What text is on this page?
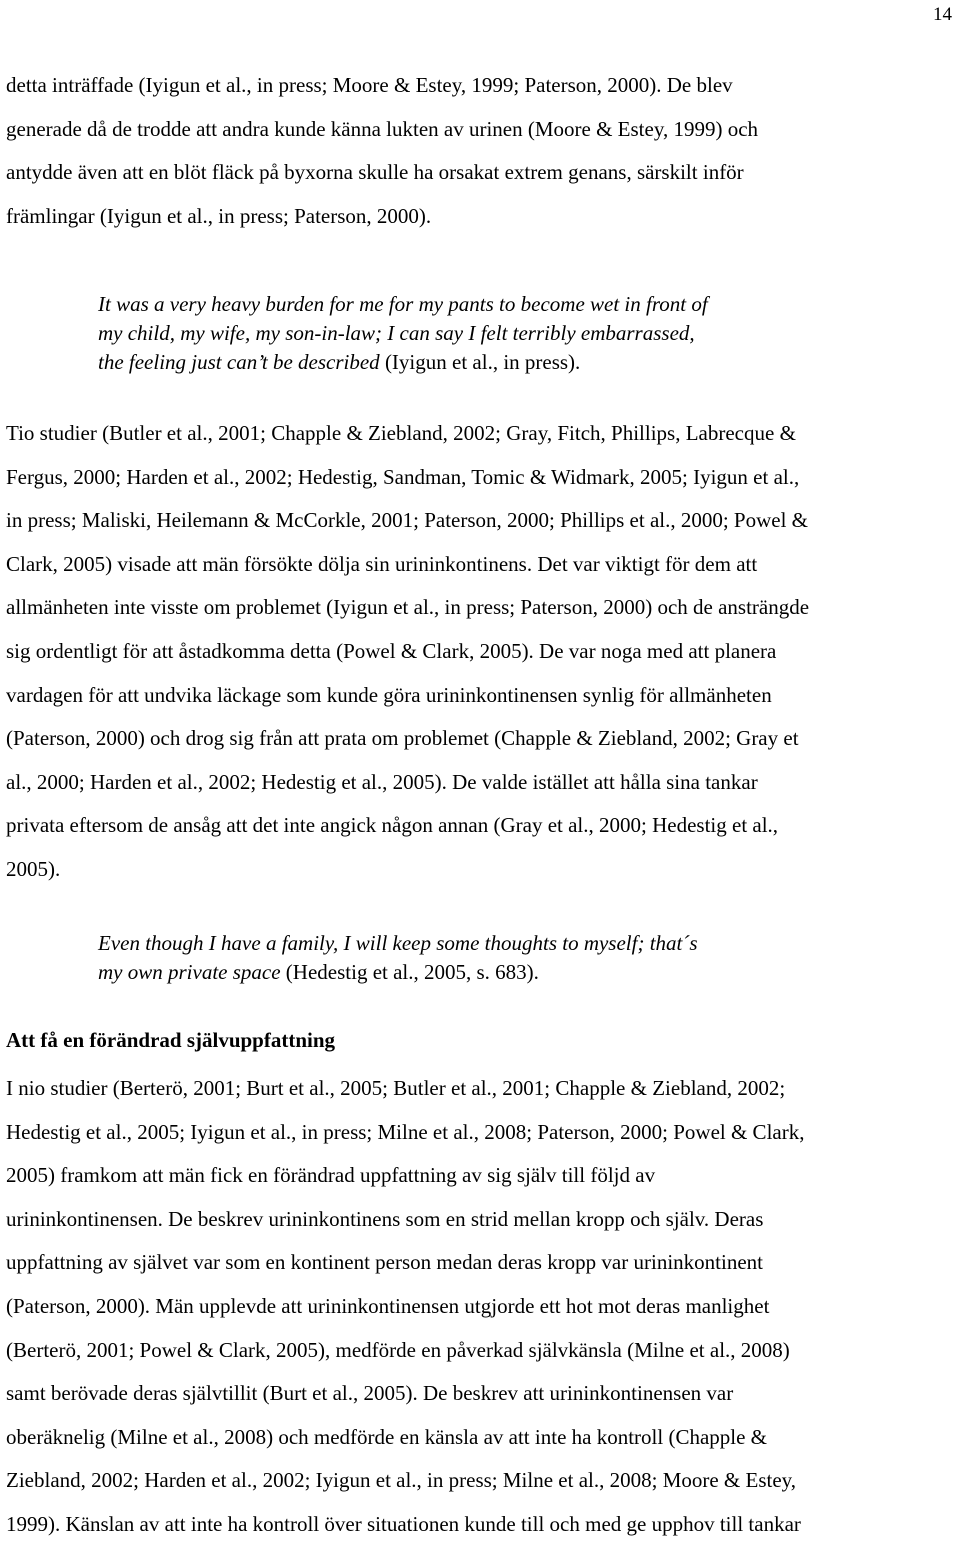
14

detta inträffade (Iyigun et al., in press; Moore & Estey, 1999; Paterson, 2000). De blev
generade då de trodde att andra kunde känna lukten av urinen (Moore & Estey, 1999) och
antydde även att en blöt fläck på byxorna skulle ha orsakat extrem genans, särskilt inför
främlingar (Iyigun et al., in press; Paterson, 2000).

It was a very heavy burden for me for my pants to become wet in front of
my child, my wife, my son-in-law; I can say I felt terribly embarrassed,
the feeling just can’t be described (Iyigun et al., in press).

Tio studier (Butler et al., 2001; Chapple & Ziebland, 2002; Gray, Fitch, Phillips, Labrecque &
Fergus, 2000; Harden et al., 2002; Hedestig, Sandman, Tomic & Widmark, 2005; Iyigun et al.,
in press; Maliski, Heilemann & McCorkle, 2001; Paterson, 2000; Phillips et al., 2000; Powel &
Clark, 2005) visade att män försökte dölja sin urininkontinens. Det var viktigt för dem att
allmänheten inte visste om problemet (Iyigun et al., in press; Paterson, 2000) och de ansträngde
sig ordentligt för att åstadkomma detta (Powel & Clark, 2005). De var noga med att planera
vardagen för att undvika läckage som kunde göra urininkontinensen synlig för allmänheten
(Paterson, 2000) och drog sig från att prata om problemet (Chapple & Ziebland, 2002; Gray et
al., 2000; Harden et al., 2002; Hedestig et al., 2005). De valde istället att hålla sina tankar
privata eftersom de ansåg att det inte angick någon annan (Gray et al., 2000; Hedestig et al.,
2005).

Even though I have a family, I will keep some thoughts to myself; that´s
my own private space (Hedestig et al., 2005, s. 683).

Att få en förändrad självuppfattning

I nio studier (Berterö, 2001; Burt et al., 2005; Butler et al., 2001; Chapple & Ziebland, 2002;
Hedestig et al., 2005; Iyigun et al., in press; Milne et al., 2008; Paterson, 2000; Powel & Clark,
2005) framkom att män fick en förändrad uppfattning av sig själv till följd av
urininkontinensen. De beskrev urininkontinens som en strid mellan kropp och själv. Deras
uppfattning av självet var som en kontinent person medan deras kropp var urininkontinent
(Paterson, 2000). Män upplevde att urininkontinensen utgjorde ett hot mot deras manlighet
(Berterö, 2001; Powel & Clark, 2005), medförde en påverkad självkänsla (Milne et al., 2008)
samt berövade deras självtillit (Burt et al., 2005). De beskrev att urininkontinensen var
oberäknelig (Milne et al., 2008) och medförde en känsla av att inte ha kontroll (Chapple &
Ziebland, 2002; Harden et al., 2002; Iyigun et al., in press; Milne et al., 2008; Moore & Estey,
1999). Känslan av att inte ha kontroll över situationen kunde till och med ge upphov till tankar
